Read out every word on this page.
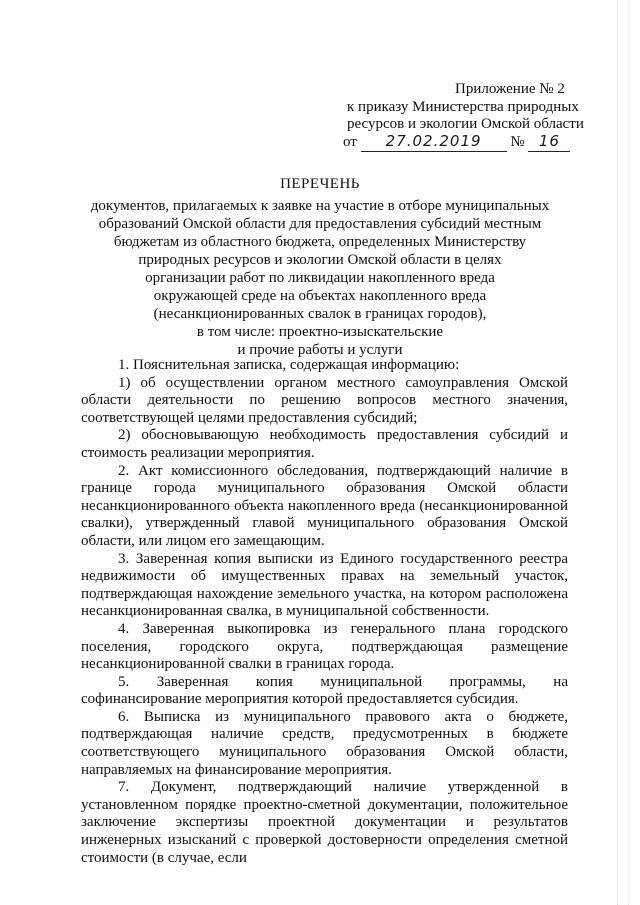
Приложение № 2
к приказу Министерства природных
ресурсов и экологии Омской области
от 27.02.2019 № 16
ПЕРЕЧЕНЬ
документов, прилагаемых к заявке на участие в отборе муниципальных
образований Омской области для предоставления субсидий местным
бюджетам из областного бюджета, определенных Министерству
природных ресурсов и экологии Омской области в целях
организации работ по ликвидации накопленного вреда
окружающей среде на объектах накопленного вреда
(несанкционированных свалок в границах городов),
в том числе: проектно-изыскательские
и прочие работы и услуги

1. Пояснительная записка, содержащая информацию:

1) об осуществлении органом местного самоуправления Омской области деятельности по решению вопросов местного значения, соответствующей целями предоставления субсидий;

2) обосновывающую необходимость предоставления субсидий и стоимость реализации мероприятия.

2. Акт комиссионного обследования, подтверждающий наличие в границе города муниципального образования Омской области несанкционированного объекта накопленного вреда (несанкционированной свалки), утвержденный главой муниципального образования Омской области, или лицом его замещающим.

3. Заверенная копия выписки из Единого государственного реестра недвижимости об имущественных правах на земельный участок, подтверждающая нахождение земельного участка, на котором расположена несанкционированная свалка, в муниципальной собственности.

4. Заверенная выкопировка из генерального плана городского поселения, городского округа, подтверждающая размещение несанкционированной свалки в границах города.

5. Заверенная копия муниципальной программы, на софинансирование мероприятия которой предоставляется субсидия.

6. Выписка из муниципального правового акта о бюджете, подтверждающая наличие средств, предусмотренных в бюджете соответствующего муниципального образования Омской области, направляемых на финансирование мероприятия.

7. Документ, подтверждающий наличие утвержденной в установленном порядке проектно-сметной документации, положительное заключение экспертизы проектной документации и результатов инженерных изысканий с проверкой достоверности определения сметной стоимости (в случае, если
